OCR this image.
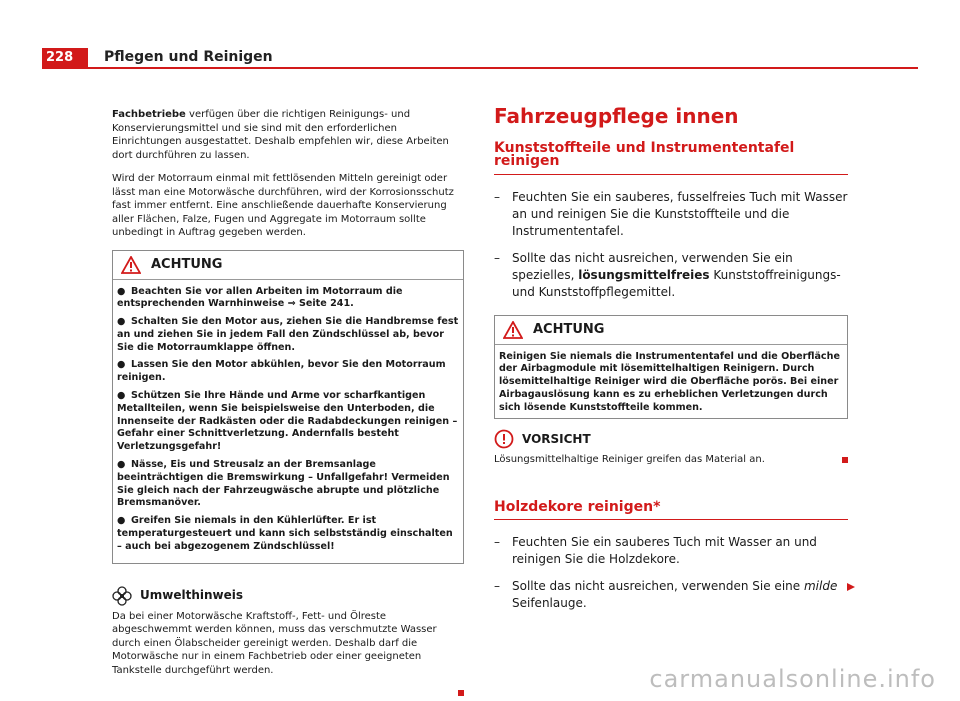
228	Pflegen und Reinigen

Fachbetriebe verfügen über die richtigen Reinigungs- und Konservierungsmittel und sie sind mit den erforderlichen Einrichtungen ausgestattet. Deshalb empfehlen wir, diese Arbeiten dort durchführen zu lassen.

Wird der Motorraum einmal mit fettlösenden Mitteln gereinigt oder lässt man eine Motorwäsche durchführen, wird der Korrosionsschutz fast immer entfernt. Eine anschließende dauerhafte Konservierung aller Flächen, Falze, Fugen und Aggregate im Motorraum sollte unbedingt in Auftrag gegeben werden.

ACHTUNG
● Beachten Sie vor allen Arbeiten im Motorraum die entsprechenden Warnhinweise ⇒ Seite 241.
● Schalten Sie den Motor aus, ziehen Sie die Handbremse fest an und ziehen Sie in jedem Fall den Zündschlüssel ab, bevor Sie die Motorraumklappe öffnen.
● Lassen Sie den Motor abkühlen, bevor Sie den Motorraum reinigen.
● Schützen Sie Ihre Hände und Arme vor scharfkantigen Metallteilen, wenn Sie beispielsweise den Unterboden, die Innenseite der Radkästen oder die Radabdeckungen reinigen – Gefahr einer Schnittverletzung. Andernfalls besteht Verletzungsgefahr!
● Nässe, Eis und Streusalz an der Bremsanlage beeinträchtigen die Bremswirkung – Unfallgefahr! Vermeiden Sie gleich nach der Fahrzeugwäsche abrupte und plötzliche Bremsmanöver.
● Greifen Sie niemals in den Kühlerlüfter. Er ist temperaturgesteuert und kann sich selbstständig einschalten – auch bei abgezogenem Zündschlüssel!
Umwelthinweis

Da bei einer Motorwäsche Kraftstoff-, Fett- und Ölreste abgeschwemmt werden können, muss das verschmutzte Wasser durch einen Ölabscheider gereinigt werden. Deshalb darf die Motorwäsche nur in einem Fachbetrieb oder einer geeigneten Tankstelle durchgeführt werden.

Fahrzeugpflege innen
Kunststoffteile und Instrumententafel reinigen
–	Feuchten Sie ein sauberes, fusselfreies Tuch mit Wasser an und reinigen Sie die Kunststoffteile und die Instrumententafel.
–	Sollte das nicht ausreichen, verwenden Sie ein spezielles, lösungsmittelfreies Kunststoffreinigungs- und Kunststoffpflegemittel.
ACHTUNG
Reinigen Sie niemals die Instrumententafel und die Oberfläche der Airbagmodule mit lösemittelhaltigen Reinigern. Durch lösemittelhaltige Reiniger wird die Oberfläche porös. Bei einer Airbagauslösung kann es zu erheblichen Verletzungen durch sich lösende Kunststoffteile kommen.
VORSICHT
Lösungsmittelhaltige Reiniger greifen das Material an.
Holzdekore reinigen*
–	Feuchten Sie ein sauberes Tuch mit Wasser an und reinigen Sie die Holzdekore.
–	Sollte das nicht ausreichen, verwenden Sie eine milde Seifenlauge.
carmanualsonline.info
